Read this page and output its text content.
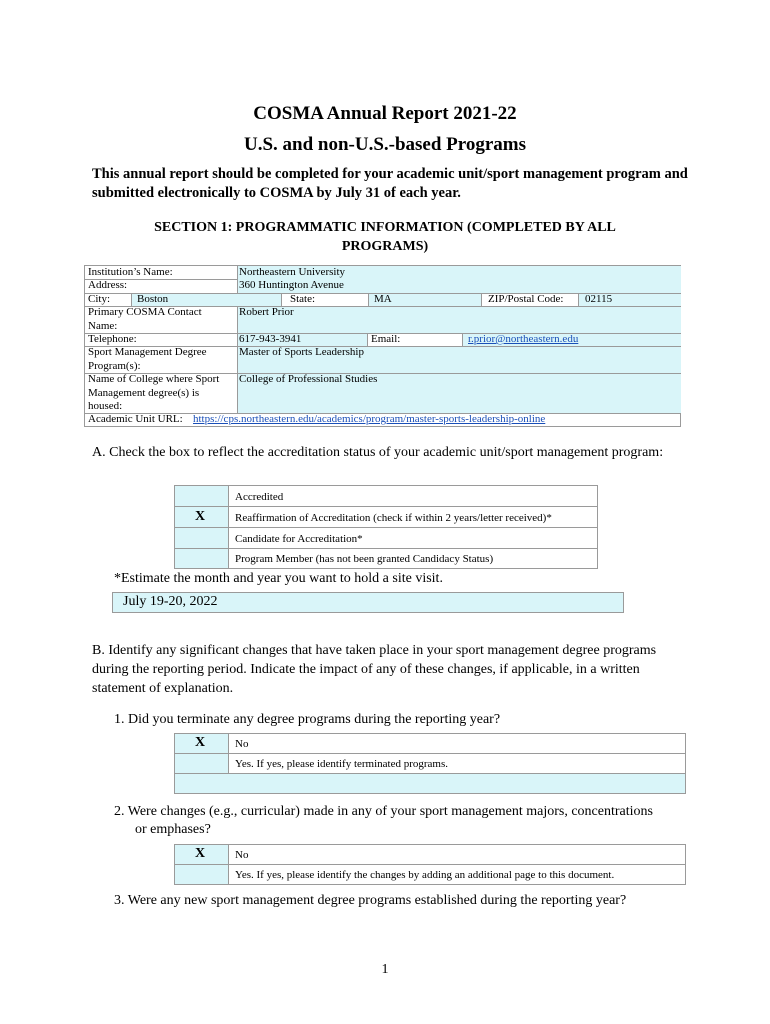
COSMA Annual Report 2021-22
U.S. and non-U.S.-based Programs
This annual report should be completed for your academic unit/sport management program and submitted electronically to COSMA by July 31 of each year.
SECTION 1: PROGRAMMATIC INFORMATION (COMPLETED BY ALL PROGRAMS)
Institution’s Name:	Northeastern University
Address:	360 Huntington Avenue
City: Boston	State:	MA	ZIP/Postal Code: 02115
Primary COSMA Contact Name:
Robert Prior
Telephone:	617-943-3941	Email:	r.prior@northeastern.edu
Sport Management Degree Program(s):
Master of Sports Leadership
Name of College where Sport Management degree(s) is housed:
College of Professional Studies
Academic Unit URL: https://cps.northeastern.edu/academics/program/master-sports-leadership-online
A. Check the box to reflect the accreditation status of your academic unit/sport management program:
Accredited
X	Reaffirmation of Accreditation (check if within 2 years/letter received)*
Candidate for Accreditation*
Program Member (has not been granted Candidacy Status)
*Estimate the month and year you want to hold a site visit.
July 19-20, 2022
B. Identify any significant changes that have taken place in your sport management degree programs during the reporting period. Indicate the impact of any of these changes, if applicable, in a written statement of explanation.
1. Did you terminate any degree programs during the reporting year?
X	No
Yes. If yes, please identify terminated programs.
2. Were changes (e.g., curricular) made in any of your sport management majors, concentrations or emphases?
X	No
Yes. If yes, please identify the changes by adding an additional page to this document.
3. Were any new sport management degree programs established during the reporting year?
1
